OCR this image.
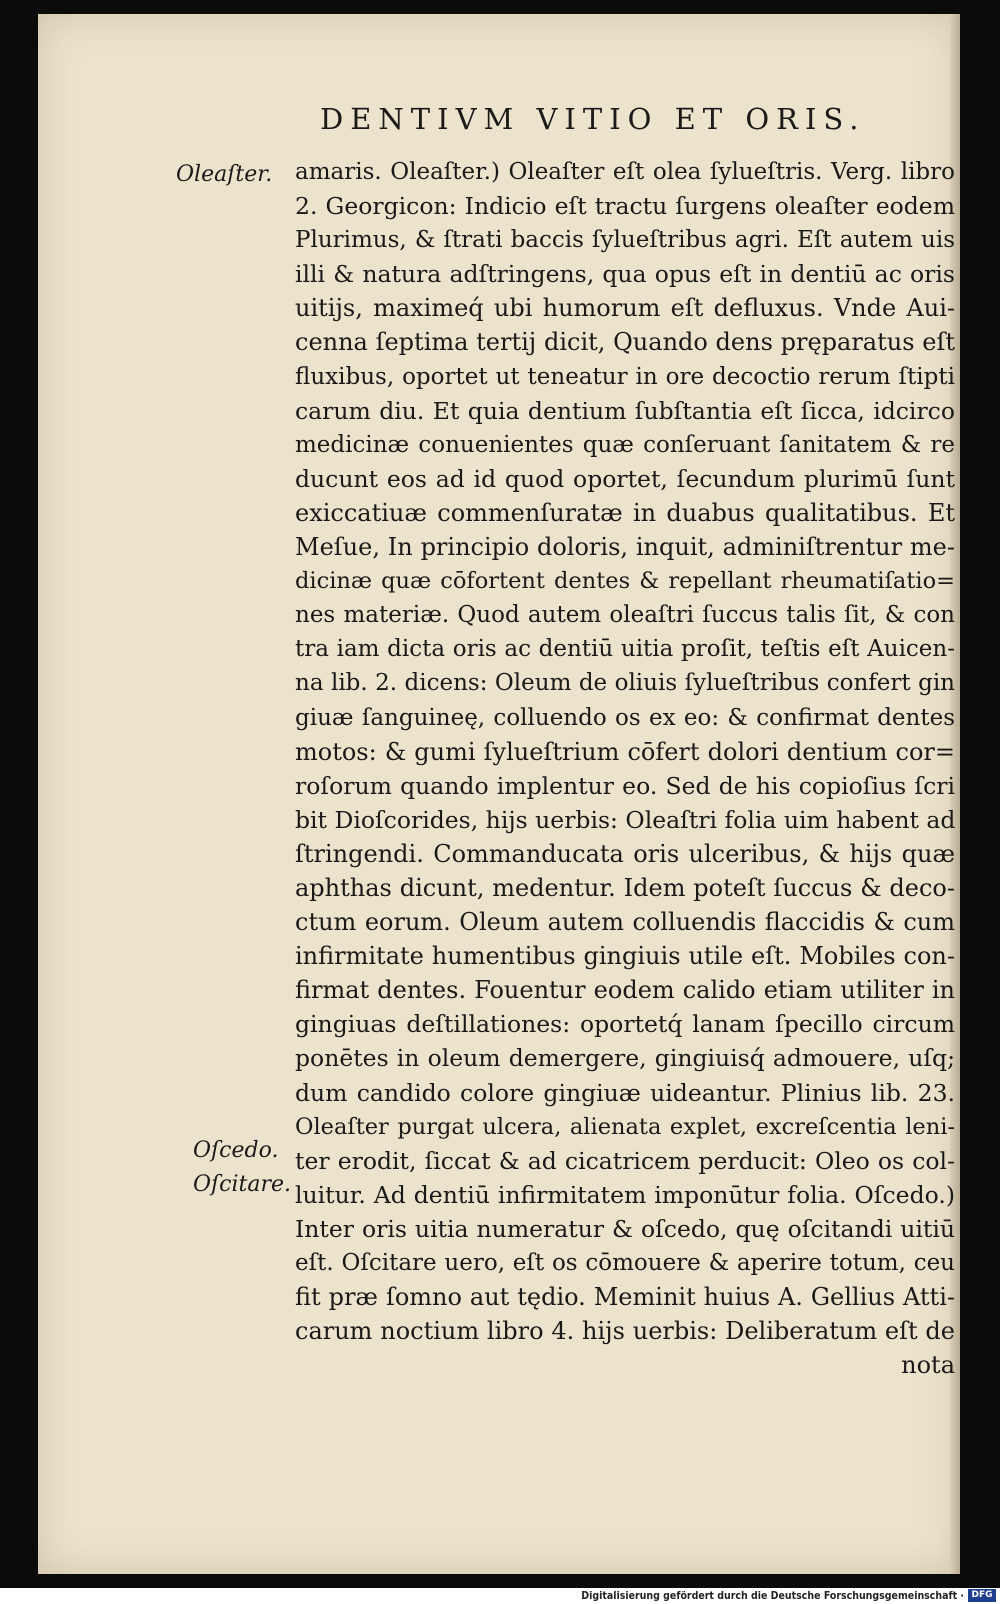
DENTIVM VITIO ET ORIS.
Oleaſter.
Oſcedo.
Oſcitare.
amaris. Oleaſter.) Oleaſter eſt olea ſylueſtris. Verg. libro
2. Georgicon: Indicio eſt tractu ſurgens oleaſter eodem
Plurimus, & ſtrati baccis ſylueſtribus agri. Eſt autem uis
illi & natura adſtringens, qua opus eſt in dentiū ac oris
uitijs, maximeq́ ubi humorum eſt defluxus. Vnde Aui-
cenna ſeptima tertij dicit, Quando dens pręparatus eſt
fluxibus, oportet ut teneatur in ore decoctio rerum ſtipti
carum diu. Et quia dentium ſubſtantia eſt ſicca, idcirco
medicinæ conuenientes quæ conſeruant ſanitatem & re
ducunt eos ad id quod oportet, ſecundum plurimū ſunt
exiccatiuæ commenſuratæ in duabus qualitatibus. Et
Meſue, In principio doloris, inquit, adminiſtrentur me-
dicinæ quæ cōfortent dentes & repellant rheumatiſatio=
nes materiæ. Quod autem oleaſtri ſuccus talis ſit, & con
tra iam dicta oris ac dentiū uitia proſit, teſtis eſt Auicen-
na lib. 2. dicens: Oleum de oliuis ſylueſtribus confert gin
giuæ ſanguineę, colluendo os ex eo: & confirmat dentes
motos: & gumi ſylueſtrium cōfert dolori dentium cor=
roſorum quando implentur eo. Sed de his copioſius ſcri
bit Dioſcorides, hijs uerbis: Oleaſtri folia uim habent ad
ſtringendi. Commanducata oris ulceribus, & hijs quæ
aphthas dicunt, medentur. Idem poteſt ſuccus & deco-
ctum eorum. Oleum autem colluendis flaccidis & cum
infirmitate humentibus gingiuis utile eſt. Mobiles con-
firmat dentes. Fouentur eodem calido etiam utiliter in
gingiuas deſtillationes: oportetq́ lanam ſpecillo circum
ponētes in oleum demergere, gingiuisq́ admouere, uſq;
dum candido colore gingiuæ uideantur. Plinius lib. 23.
Oleaſter purgat ulcera, alienata explet, excreſcentia leni-
ter erodit, ſiccat & ad cicatricem perducit: Oleo os col-
luitur. Ad dentiū infirmitatem imponūtur folia. Oſcedo.)
Inter oris uitia numeratur & oſcedo, quę oſcitandi uitiū
eſt. Oſcitare uero, eſt os cōmouere & aperire totum, ceu
fit præ ſomno aut tędio. Meminit huius A. Gellius Atti-
carum noctium libro 4. hijs uerbis: Deliberatum eſt de
nota
Digitalisierung gefördert durch die Deutsche Forschungsgemeinschaft · DFG
